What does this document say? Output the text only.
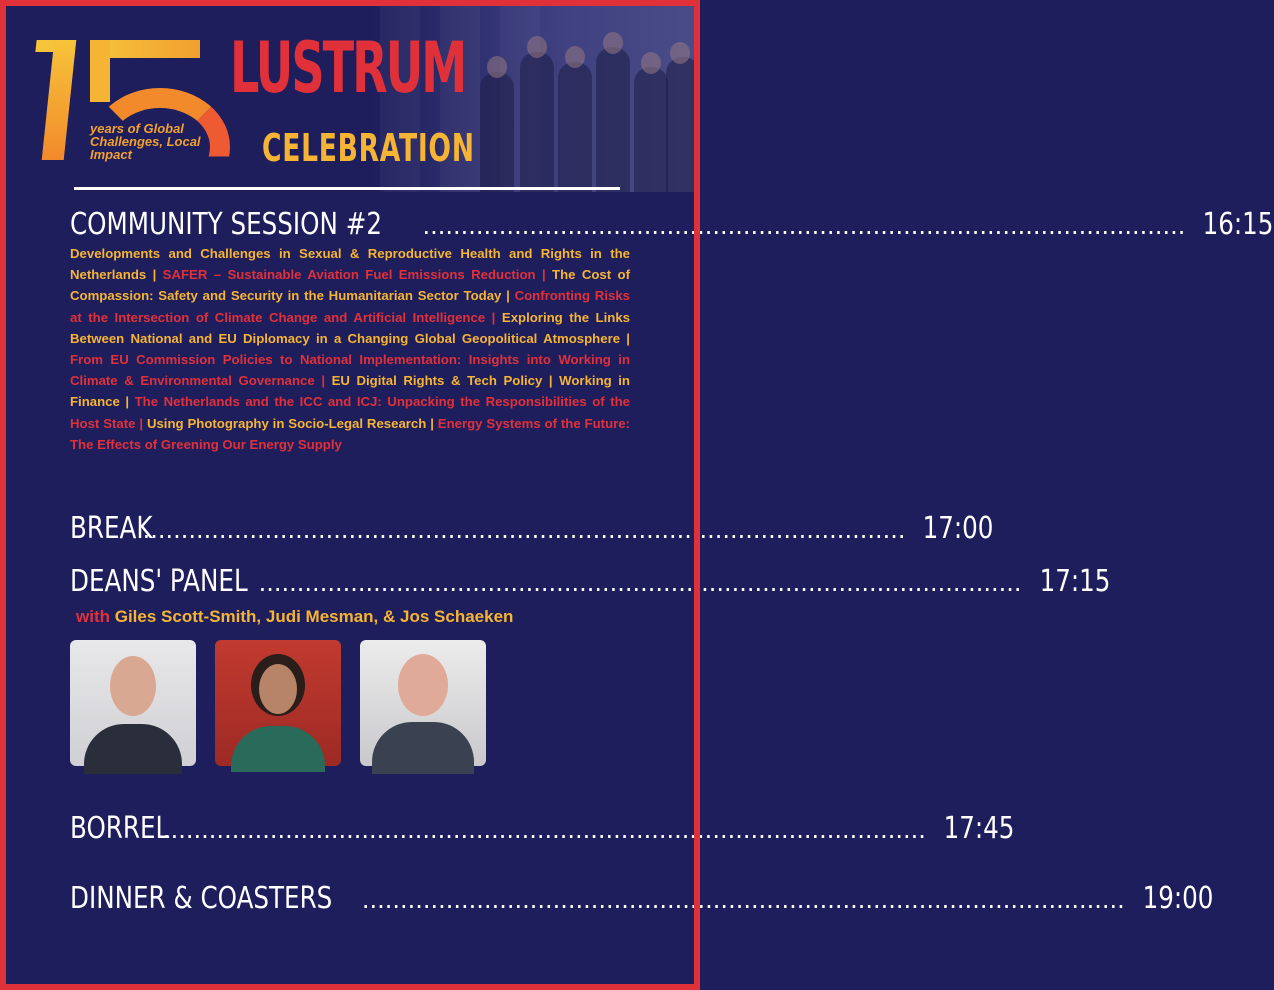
years of Global Challenges, Local Impact
LUSTRUM
CELEBRATION
COMMUNITY SESSION #2 .................................................................................................... 16:15
Developments and Challenges in Sexual & Reproductive Health and Rights in the Netherlands | SAFER – Sustainable Aviation Fuel Emissions Reduction | The Cost of Compassion: Safety and Security in the Humanitarian Sector Today | Confronting Risks at the Intersection of Climate Change and Artificial Intelligence | Exploring the Links Between National and EU Diplomacy in a Changing Global Geopolitical Atmosphere | From EU Commission Policies to National Implementation: Insights into Working in Climate & Environmental Governance | EU Digital Rights & Tech Policy | Working in Finance | The Netherlands and the ICC and ICJ: Unpacking the Responsibilities of the Host State | Using Photography in Socio-Legal Research | Energy Systems of the Future: The Effects of Greening Our Energy Supply
BREAK
.................................................................................................... 17:00
DEANS' PANEL .................................................................................................... 17:15
with Giles Scott-Smith, Judi Mesman, & Jos Schaeken
BORREL
.................................................................................................... 17:45
DINNER & COASTERS .................................................................................................... 19:00
